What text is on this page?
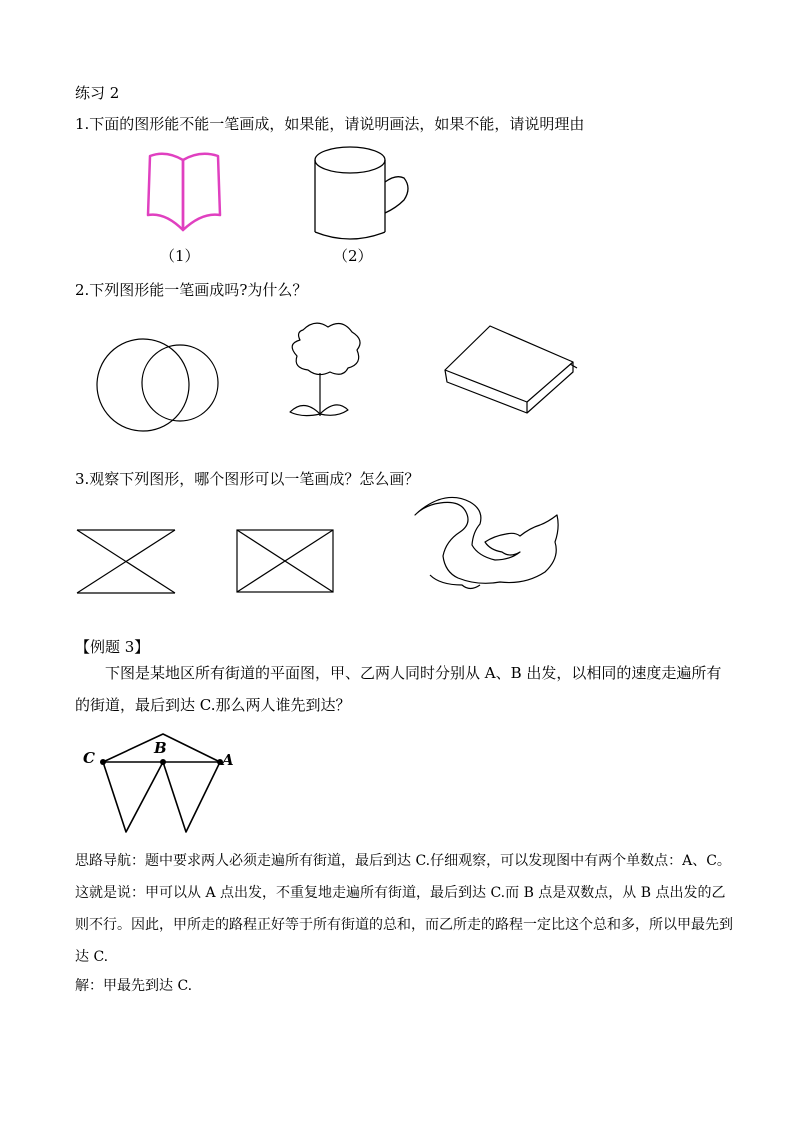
练习 2
1.下面的图形能不能一笔画成，如果能，请说明画法，如果不能，请说明理由
（1）	（2）
2.下列图形能一笔画成吗?为什么？
3.观察下列图形，哪个图形可以一笔画成？怎么画？
【例题 3】
下图是某地区所有街道的平面图，甲、乙两人同时分别从 A、B 出发，以相同的速度走遍所有的街道，最后到达 C.那么两人谁先到达？
C
B
A
思路导航：题中要求两人必须走遍所有街道，最后到达 C.仔细观察，可以发现图中有两个单数点：A、C。这就是说：甲可以从 A 点出发，不重复地走遍所有街道，最后到达 C.而 B 点是双数点，从 B 点出发的乙则不行。因此，甲所走的路程正好等于所有街道的总和，而乙所走的路程一定比这个总和多，所以甲最先到达 C.
解：甲最先到达 C.
